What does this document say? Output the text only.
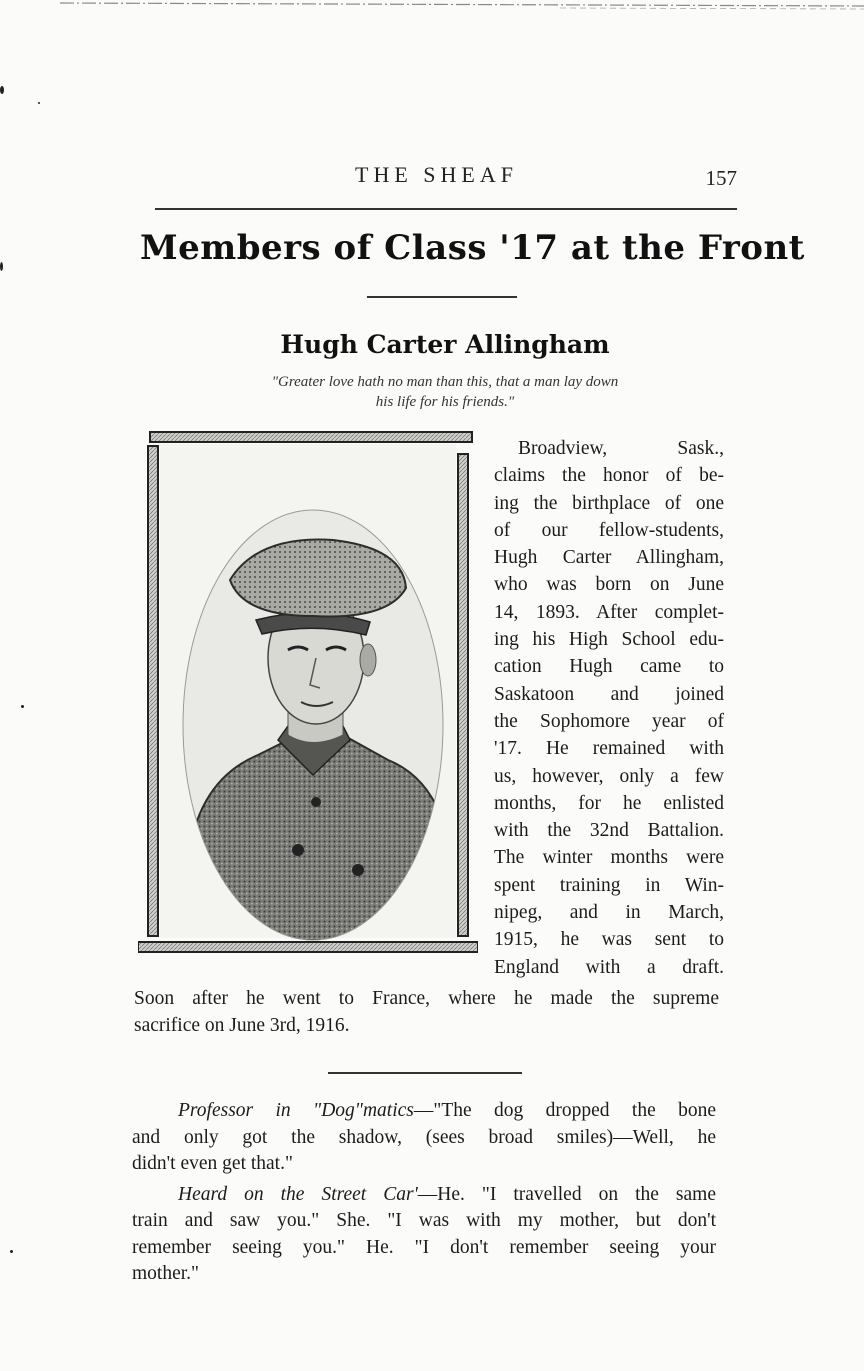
THE SHEAF	157
Members of Class '17 at the Front
Hugh Carter Allingham
"Greater love hath no man than this, that a man lay down
his life for his friends."
Broadview, Sask.,
claims the honor of be-
ing the birthplace of one
of our fellow-students,
Hugh Carter Allingham,
who was born on June
14, 1893. After complet-
ing his High School edu-
cation Hugh came to
Saskatoon and joined
the Sophomore year of
'17. He remained with
us, however, only a few
months, for he enlisted
with the 32nd Battalion.
The winter months were
spent training in Win-
nipeg, and in March,
1915, he was sent to
England with a draft.
Soon after he went to France, where he made the supreme
sacrifice on June 3rd, 1916.
Professor in "Dog"matics—"The dog dropped the bone
and only got the shadow, (sees broad smiles)—Well, he
didn't even get that."
Heard on the Street Car'—He. "I travelled on the same
train and saw you." She. "I was with my mother, but don't
remember seeing you." He. "I don't remember seeing your
mother."
